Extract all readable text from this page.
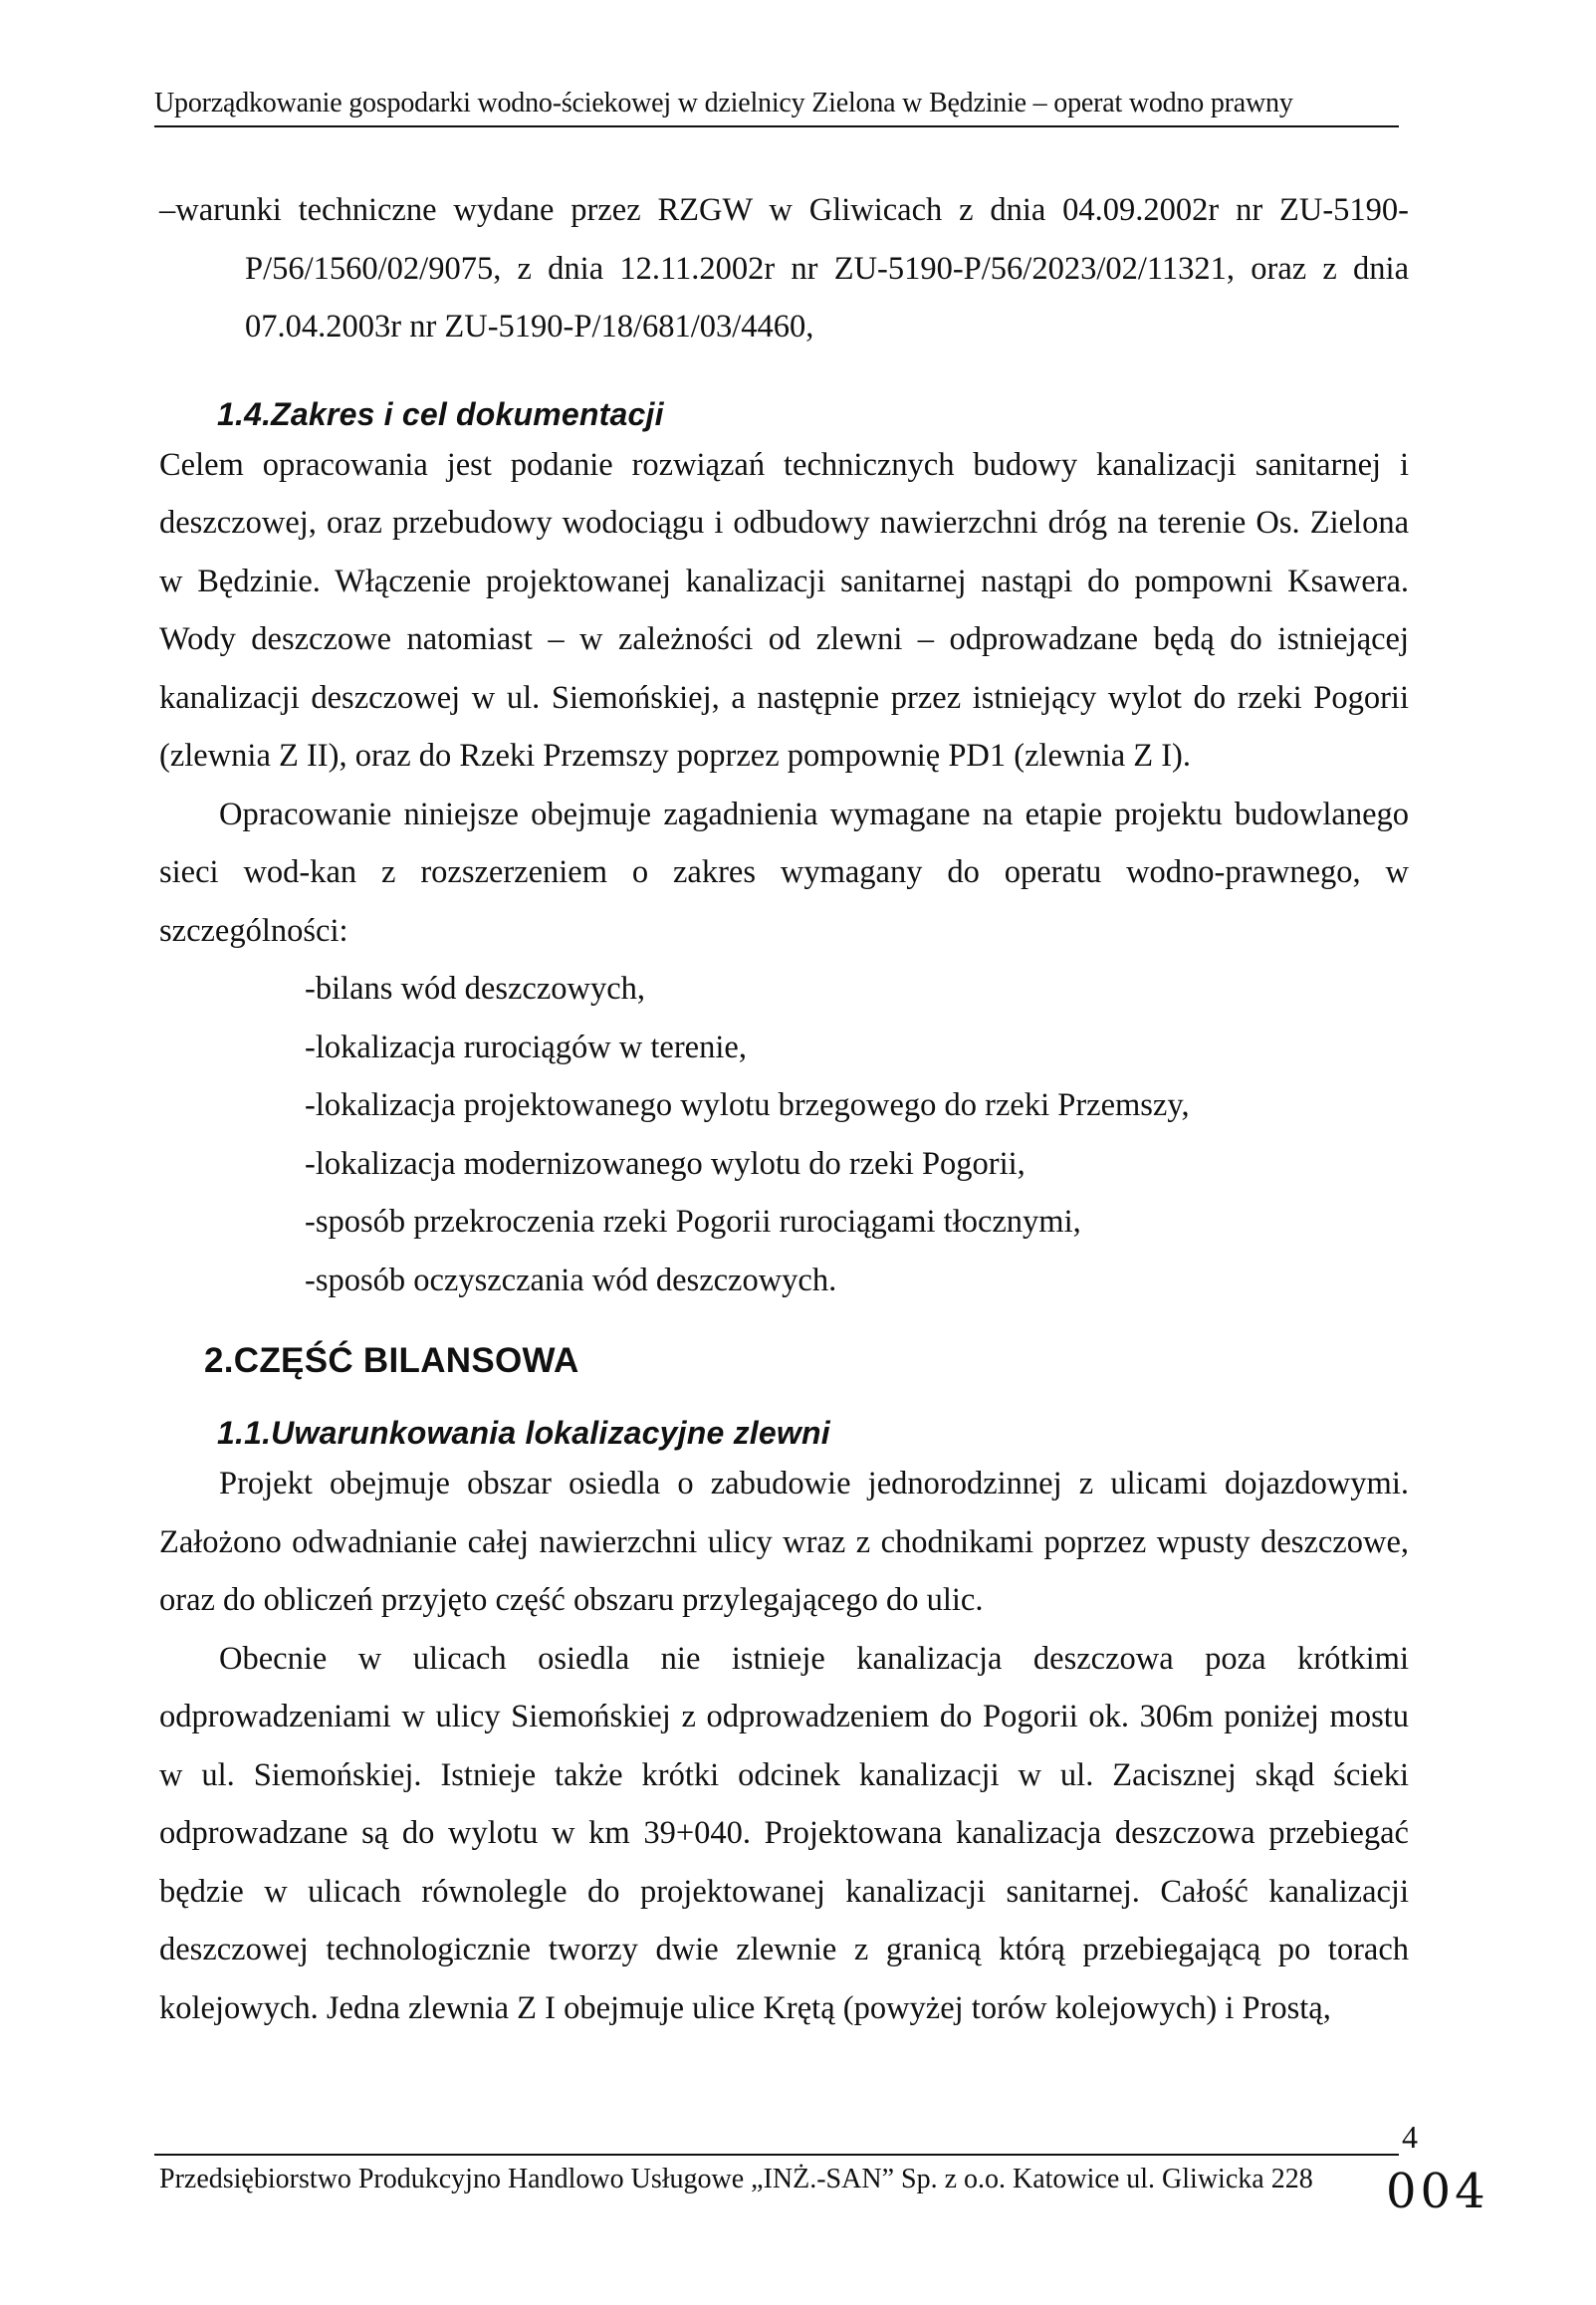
Uporządkowanie gospodarki wodno-ściekowej w dzielnicy Zielona w Będzinie – operat wodno prawny

–warunki techniczne wydane przez RZGW w Gliwicach z dnia 04.09.2002r nr ZU-5190-P/56/1560/02/9075, z dnia 12.11.2002r nr ZU-5190-P/56/2023/02/11321, oraz z dnia 07.04.2003r nr ZU-5190-P/18/681/03/4460,

1.4.Zakres i cel dokumentacji

Celem opracowania jest podanie rozwiązań technicznych budowy kanalizacji sanitarnej i deszczowej, oraz przebudowy wodociągu i odbudowy nawierzchni dróg na terenie Os. Zielona w Będzinie. Włączenie projektowanej kanalizacji sanitarnej nastąpi do pompowni Ksawera. Wody deszczowe natomiast – w zależności od zlewni – odprowadzane będą do istniejącej kanalizacji deszczowej w ul. Siemońskiej, a następnie przez istniejący wylot do rzeki Pogorii (zlewnia Z II), oraz do Rzeki Przemszy poprzez pompownię PD1 (zlewnia Z I).

Opracowanie niniejsze obejmuje zagadnienia wymagane na etapie projektu budowlanego sieci wod-kan z rozszerzeniem o zakres wymagany do operatu wodno-prawnego, w szczególności:

-bilans wód deszczowych,
-lokalizacja rurociągów w terenie,
-lokalizacja projektowanego wylotu brzegowego do rzeki Przemszy,
-lokalizacja modernizowanego wylotu do rzeki Pogorii,
-sposób przekroczenia rzeki Pogorii rurociągami tłocznymi,
-sposób oczyszczania wód deszczowych.
2.CZĘŚĆ BILANSOWA
1.1.Uwarunkowania lokalizacyjne zlewni

Projekt obejmuje obszar osiedla o zabudowie jednorodzinnej z ulicami dojazdowymi. Założono odwadnianie całej nawierzchni ulicy wraz z chodnikami poprzez wpusty deszczowe, oraz do obliczeń przyjęto część obszaru przylegającego do ulic.

Obecnie w ulicach osiedla nie istnieje kanalizacja deszczowa poza krótkimi odprowadzeniami w ulicy Siemońskiej z odprowadzeniem do Pogorii ok. 306m poniżej mostu w ul. Siemońskiej. Istnieje także krótki odcinek kanalizacji w ul. Zacisznej skąd ścieki odprowadzane są do wylotu w km 39+040. Projektowana kanalizacja deszczowa przebiegać będzie w ulicach równolegle do projektowanej kanalizacji sanitarnej. Całość kanalizacji deszczowej technologicznie tworzy dwie zlewnie z granicą którą przebiegającą po torach kolejowych. Jedna zlewnia Z I obejmuje ulice Krętą (powyżej torów kolejowych) i Prostą,

4
Przedsiębiorstwo Produkcyjno Handlowo Usługowe „INŻ.-SAN” Sp. z o.o. Katowice ul. Gliwicka 228 004
